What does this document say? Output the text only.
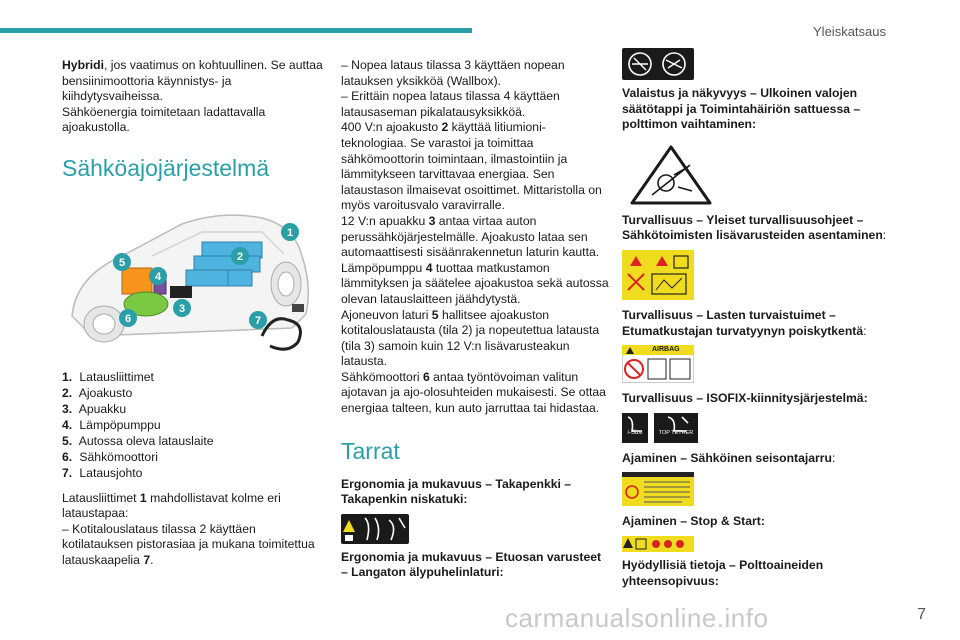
Yleiskatsaus

Hybridi, jos vaatimus on kohtuullinen. Se auttaa bensiinimoottoria käynnistys- ja kiihdytysvaiheissa.

Sähköenergia toimitetaan ladattavalla ajoakustolla.

Sähköajojärjestelmä
1
2
3
4
5
6	7
1. Latausliittimet
2. Ajoakusto
3. Apuakku
4. Lämpöpumppu
5. Autossa oleva latauslaite
6. Sähkömoottori
7. Latausjohto

Latausliittimet 1 mahdollistavat kolme eri lataustapaa:

– Kotitalouslataus tilassa 2 käyttäen kotilatauksen pistorasiaa ja mukana toimitettua latauskaapelia 7.

– Nopea lataus tilassa 3 käyttäen nopean latauksen yksikköä (Wallbox).

– Erittäin nopea lataus tilassa 4 käyttäen latausaseman pikalatausyksikköä.

400 V:n ajoakusto 2 käyttää litiumioni-teknologiaa. Se varastoi ja toimittaa sähkömoottorin toimintaan, ilmastointiin ja lämmitykseen tarvittavaa energiaa. Sen lataustason ilmaisevat osoittimet. Mittaristolla on myös varoitusvalo varavirralle.

12 V:n apuakku 3 antaa virtaa auton perussähköjärjestelmälle. Ajoakusto lataa sen automaattisesti sisäänrakennetun laturin kautta.

Lämpöpumppu 4 tuottaa matkustamon lämmityksen ja säätelee ajoakustoa sekä autossa olevan latauslaitteen jäähdytystä.

Ajoneuvon laturi 5 hallitsee ajoakuston kotitalouslatausta (tila 2) ja nopeutettua latausta (tila 3) samoin kuin 12 V:n lisävarusteakun latausta.

Sähkömoottori 6 antaa työntövoiman valitun ajotavan ja ajo-olosuhteiden mukaisesti. Se ottaa energiaa talteen, kun auto jarruttaa tai hidastaa.

Tarrat

Ergonomia ja mukavuus – Takapenkki – Takapenkin niskatuki:

Ergonomia ja mukavuus – Etuosan varusteet – Langaton älypuhelinlaturi:

Valaistus ja näkyvyys – Ulkoinen valojen säätötappi ja Toimintahäiriön sattuessa – polttimon vaihtaminen:

Turvallisuus – Yleiset turvallisuusohjeet – Sähkötoimisten lisävarusteiden asentaminen:

Turvallisuus – Lasten turvaistuimet – Etumatkustajan turvatyynyn poiskytkentä:

AIRBAG

Turvallisuus – ISOFIX-kiinnitysjärjestelmä:

i-Size	TOP TETHER

Ajaminen – Sähköinen seisontajarru:

Ajaminen – Stop & Start:

Hyödyllisiä tietoja – Polttoaineiden yhteensopivuus:

carmanualsonline.info	7
